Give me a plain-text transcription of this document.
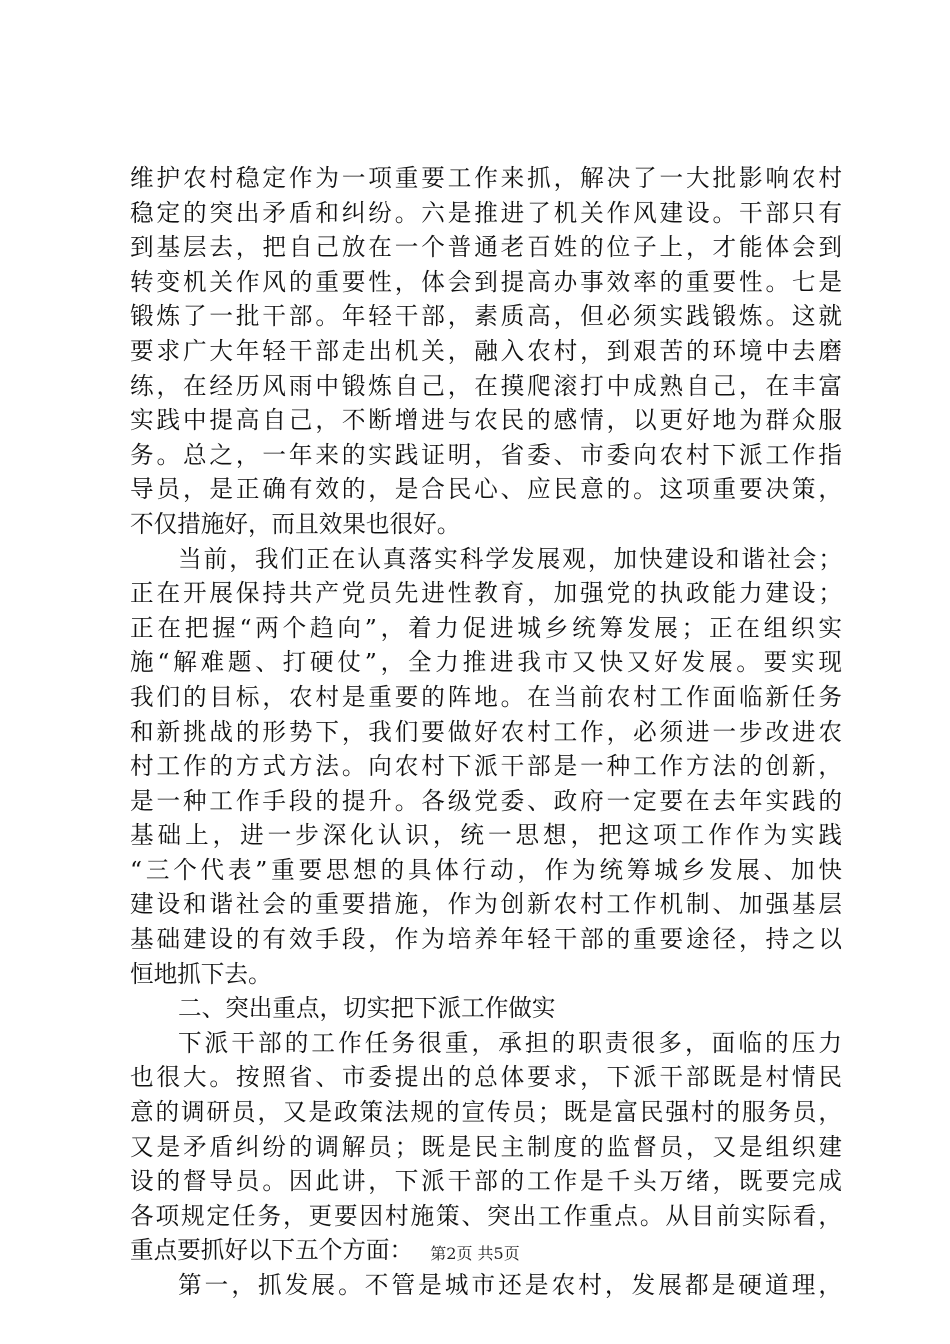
维护农村稳定作为一项重要工作来抓，解决了一大批影响农村
稳定的突出矛盾和纠纷。六是推进了机关作风建设。干部只有
到基层去，把自己放在一个普通老百姓的位子上，才能体会到
转变机关作风的重要性，体会到提高办事效率的重要性。七是
锻炼了一批干部。年轻干部，素质高，但必须实践锻炼。这就
要求广大年轻干部走出机关，融入农村，到艰苦的环境中去磨
练，在经历风雨中锻炼自己，在摸爬滚打中成熟自己，在丰富
实践中提高自己，不断增进与农民的感情，以更好地为群众服
务。总之，一年来的实践证明，省委、市委向农村下派工作指
导员，是正确有效的，是合民心、应民意的。这项重要决策，
不仅措施好，而且效果也很好。
当前，我们正在认真落实科学发展观，加快建设和谐社会；
正在开展保持共产党员先进性教育，加强党的执政能力建设；
正在把握“两个趋向”，着力促进城乡统筹发展；正在组织实
施“解难题、打硬仗”，全力推进我市又快又好发展。要实现
我们的目标，农村是重要的阵地。在当前农村工作面临新任务
和新挑战的形势下，我们要做好农村工作，必须进一步改进农
村工作的方式方法。向农村下派干部是一种工作方法的创新，
是一种工作手段的提升。各级党委、政府一定要在去年实践的
基础上，进一步深化认识，统一思想，把这项工作作为实践
“三个代表”重要思想的具体行动，作为统筹城乡发展、加快
建设和谐社会的重要措施，作为创新农村工作机制、加强基层
基础建设的有效手段，作为培养年轻干部的重要途径，持之以
恒地抓下去。
二、突出重点，切实把下派工作做实
下派干部的工作任务很重，承担的职责很多，面临的压力
也很大。按照省、市委提出的总体要求，下派干部既是村情民
意的调研员，又是政策法规的宣传员；既是富民强村的服务员，
又是矛盾纠纷的调解员；既是民主制度的监督员，又是组织建
设的督导员。因此讲，下派干部的工作是千头万绪，既要完成
各项规定任务，更要因村施策、突出工作重点。从目前实际看，
重点要抓好以下五个方面：
第一，抓发展。不管是城市还是农村，发展都是硬道理，
第2页 共5页
